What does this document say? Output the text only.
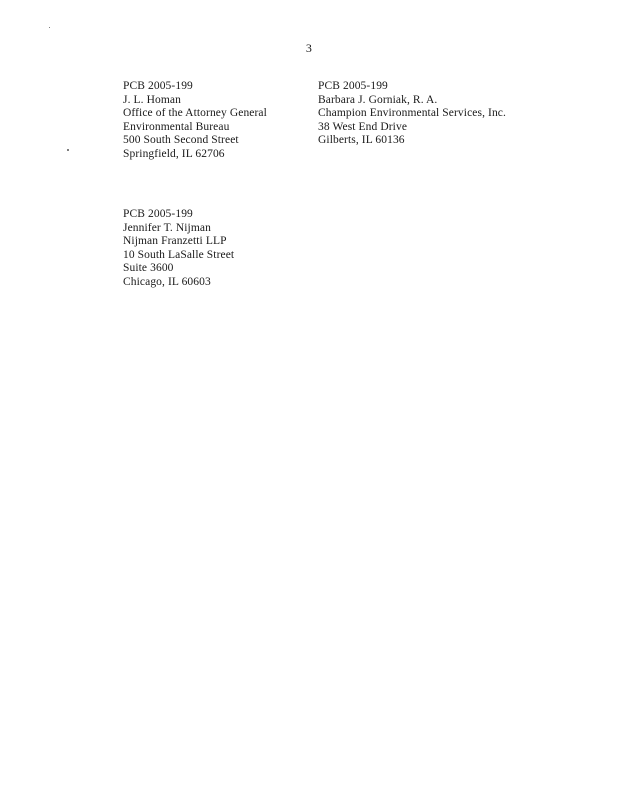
3
PCB 2005-199
J. L. Homan
Office of the Attorney General
Environmental Bureau
500 South Second Street
Springfield, IL 62706
PCB 2005-199
Barbara J. Gorniak, R. A.
Champion Environmental Services, Inc.
38 West End Drive
Gilberts, IL 60136
PCB 2005-199
Jennifer T. Nijman
Nijman Franzetti LLP
10 South LaSalle Street
Suite 3600
Chicago, IL 60603
